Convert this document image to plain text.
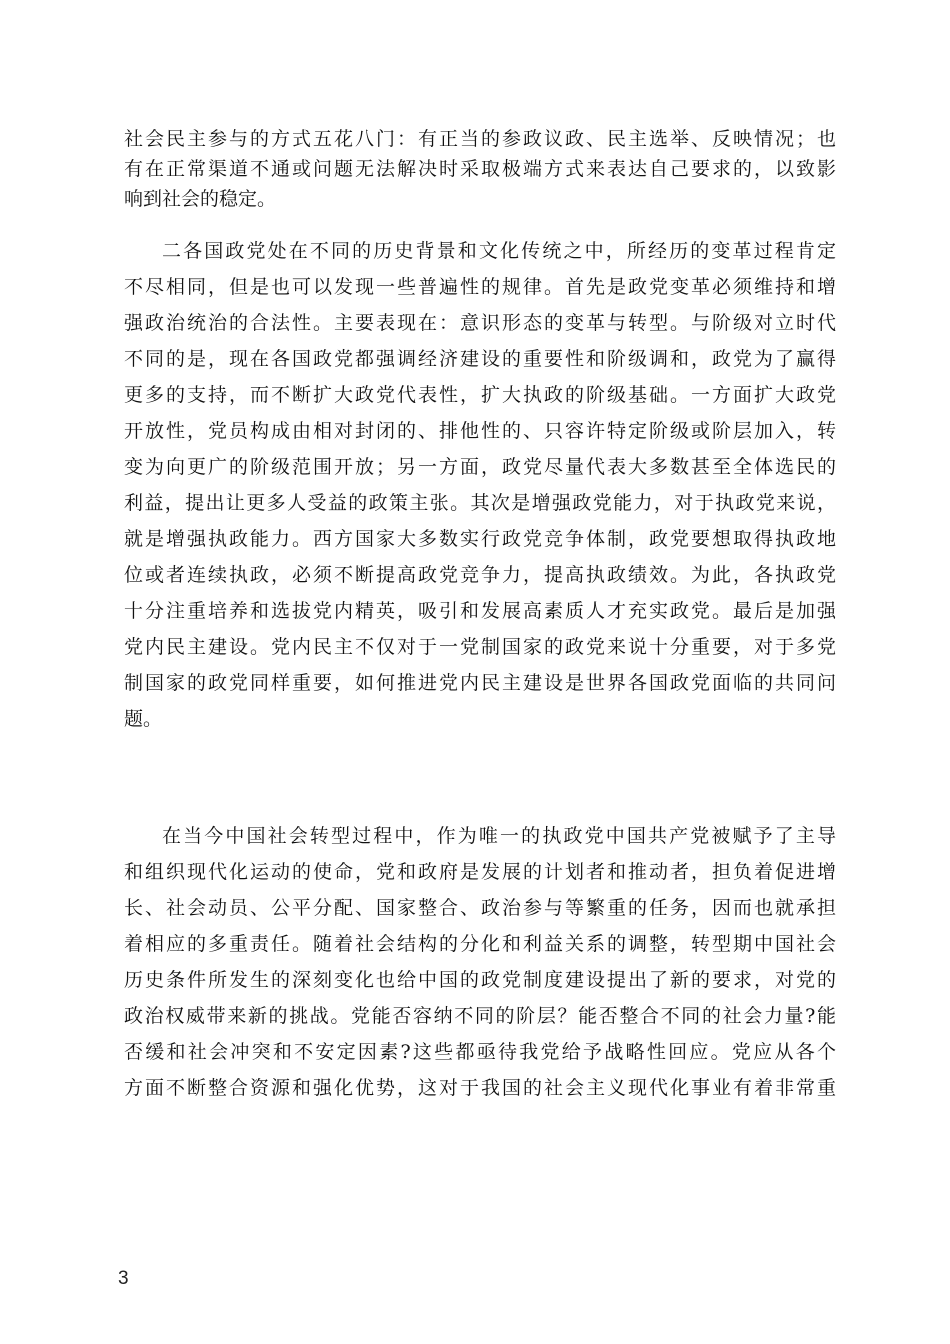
社会民主参与的方式五花八门：有正当的参政议政、民主选举、反映情况；也
有在正常渠道不通或问题无法解决时采取极端方式来表达自己要求的，以致影
响到社会的稳定。
二各国政党处在不同的历史背景和文化传统之中，所经历的变革过程肯定
不尽相同，但是也可以发现一些普遍性的规律。首先是政党变革必须维持和增
强政治统治的合法性。主要表现在：意识形态的变革与转型。与阶级对立时代
不同的是，现在各国政党都强调经济建设的重要性和阶级调和，政党为了赢得
更多的支持，而不断扩大政党代表性，扩大执政的阶级基础。一方面扩大政党
开放性，党员构成由相对封闭的、排他性的、只容许特定阶级或阶层加入，转
变为向更广的阶级范围开放；另一方面，政党尽量代表大多数甚至全体选民的
利益，提出让更多人受益的政策主张。其次是增强政党能力，对于执政党来说，
就是增强执政能力。西方国家大多数实行政党竞争体制，政党要想取得执政地
位或者连续执政，必须不断提高政党竞争力，提高执政绩效。为此，各执政党
十分注重培养和选拔党内精英，吸引和发展高素质人才充实政党。最后是加强
党内民主建设。党内民主不仅对于一党制国家的政党来说十分重要，对于多党
制国家的政党同样重要，如何推进党内民主建设是世界各国政党面临的共同问
题。
在当今中国社会转型过程中，作为唯一的执政党中国共产党被赋予了主导
和组织现代化运动的使命，党和政府是发展的计划者和推动者，担负着促进增
长、社会动员、公平分配、国家整合、政治参与等繁重的任务，因而也就承担
着相应的多重责任。随着社会结构的分化和利益关系的调整，转型期中国社会
历史条件所发生的深刻变化也给中国的政党制度建设提出了新的要求，对党的
政治权威带来新的挑战。党能否容纳不同的阶层？能否整合不同的社会力量?能
否缓和社会冲突和不安定因素?这些都亟待我党给予战略性回应。党应从各个
方面不断整合资源和强化优势，这对于我国的社会主义现代化事业有着非常重
3
